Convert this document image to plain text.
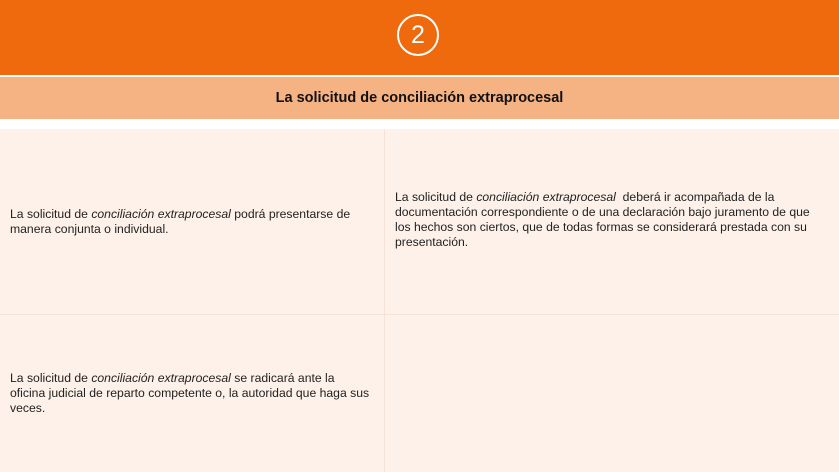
2
La solicitud de conciliación extraprocesal

La solicitud de conciliación extraprocesal podrá presentarse de manera conjunta o individual.

La solicitud de conciliación extraprocesal  deberá ir acompañada de la documentación correspondiente o de una declaración bajo juramento de que los hechos son ciertos, que de todas formas se considerará prestada con su presentación.

La solicitud de conciliación extraprocesal se radicará ante la oficina judicial de reparto competente o, la autoridad que haga sus veces.
